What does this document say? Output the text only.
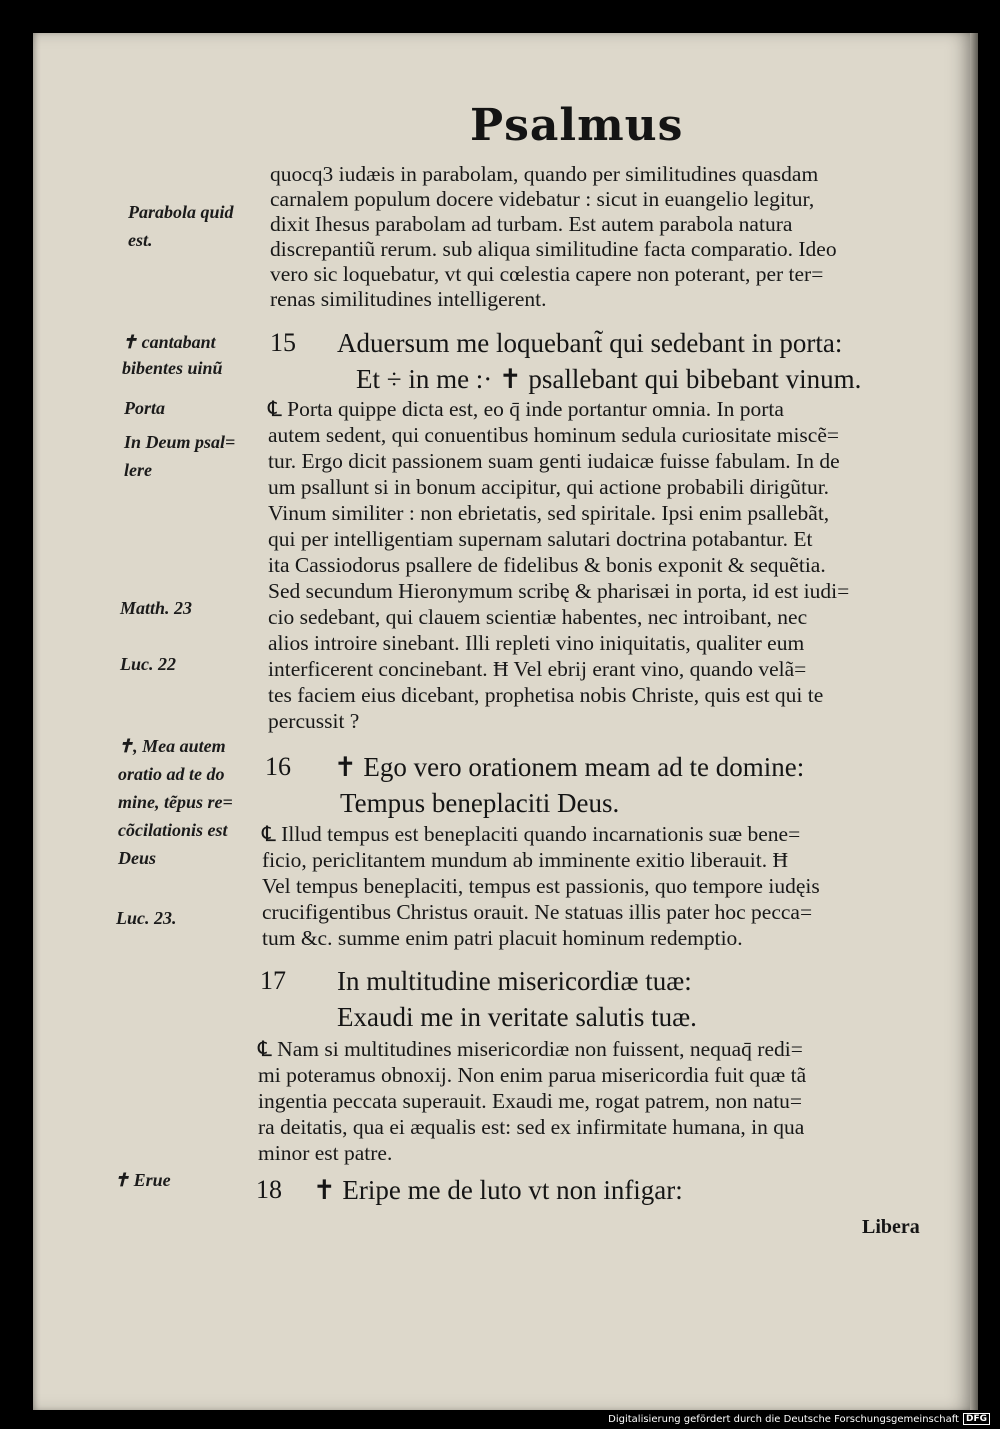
Psalmus
quocq3 iudæis in parabolam, quando per similitudines quasdam
carnalem populum docere videbatur : sicut in euangelio legitur,
dixit Ihesus parabolam ad turbam. Est autem parabola natura
discrepantiũ rerum. sub aliqua similitudine facta comparatio. Ideo
vero sic loquebatur, vt qui cœlestia capere non poterant, per ter=
renas similitudines intelligerent.
15 Aduersum me loquebant̃ qui sedebant in porta:
Et ÷ in me :· ✝ psallebant qui bibebant vinum.
℄ Porta quippe dicta est, eo q̄ inde portantur omnia. In porta
autem sedent, qui conuentibus hominum sedula curiositate miscẽ=
tur. Ergo dicit passionem suam genti iudaicæ fuisse fabulam. In de
um psallunt si in bonum accipitur, qui actione probabili dirigũtur.
Vinum similiter : non ebrietatis, sed spiritale. Ipsi enim psallebãt,
qui per intelligentiam supernam salutari doctrina potabantur. Et
ita Cassiodorus psallere de fidelibus & bonis exponit & sequẽtia.
Sed secundum Hieronymum scribę & pharisæi in porta, id est iudi=
cio sedebant, qui clauem scientiæ habentes, nec introibant, nec
alios introire sinebant. Illi repleti vino iniquitatis, qualiter eum
interficerent concinebant. Ħ Vel ebrij erant vino, quando velã=
tes faciem eius dicebant, prophetisa nobis Christe, quis est qui te
percussit ?
16 ✝ Ego vero orationem meam ad te domine:
Tempus beneplaciti Deus.
℄ Illud tempus est beneplaciti quando incarnationis suæ bene=
ficio, periclitantem mundum ab imminente exitio liberauit. Ħ
Vel tempus beneplaciti, tempus est passionis, quo tempore iudęis
crucifigentibus Christus orauit. Ne statuas illis pater hoc pecca=
tum &c. summe enim patri placuit hominum redemptio.
17 In multitudine misericordiæ tuæ:
Exaudi me in veritate salutis tuæ.
℄ Nam si multitudines misericordiæ non fuissent, nequaq̄ redi=
mi poteramus obnoxij. Non enim parua misericordia fuit quæ tã
ingentia peccata superauit. Exaudi me, rogat patrem, non natu=
ra deitatis, qua ei æqualis est: sed ex infirmitate humana, in qua
minor est patre.
18 ✝ Eripe me de luto vt non infigar:
Parabola quid
est.
✝ cantabant
bibentes uinũ
Porta
In Deum psal=
lere
Matth. 23
Luc. 22
✝, Mea autem
oratio ad te do
mine, tẽpus re=
cõcilationis est
Deus
Luc. 23.
✝ Erue
Libera
Digitalisierung gefördert durch die Deutsche Forschungsgemeinschaft DFG
